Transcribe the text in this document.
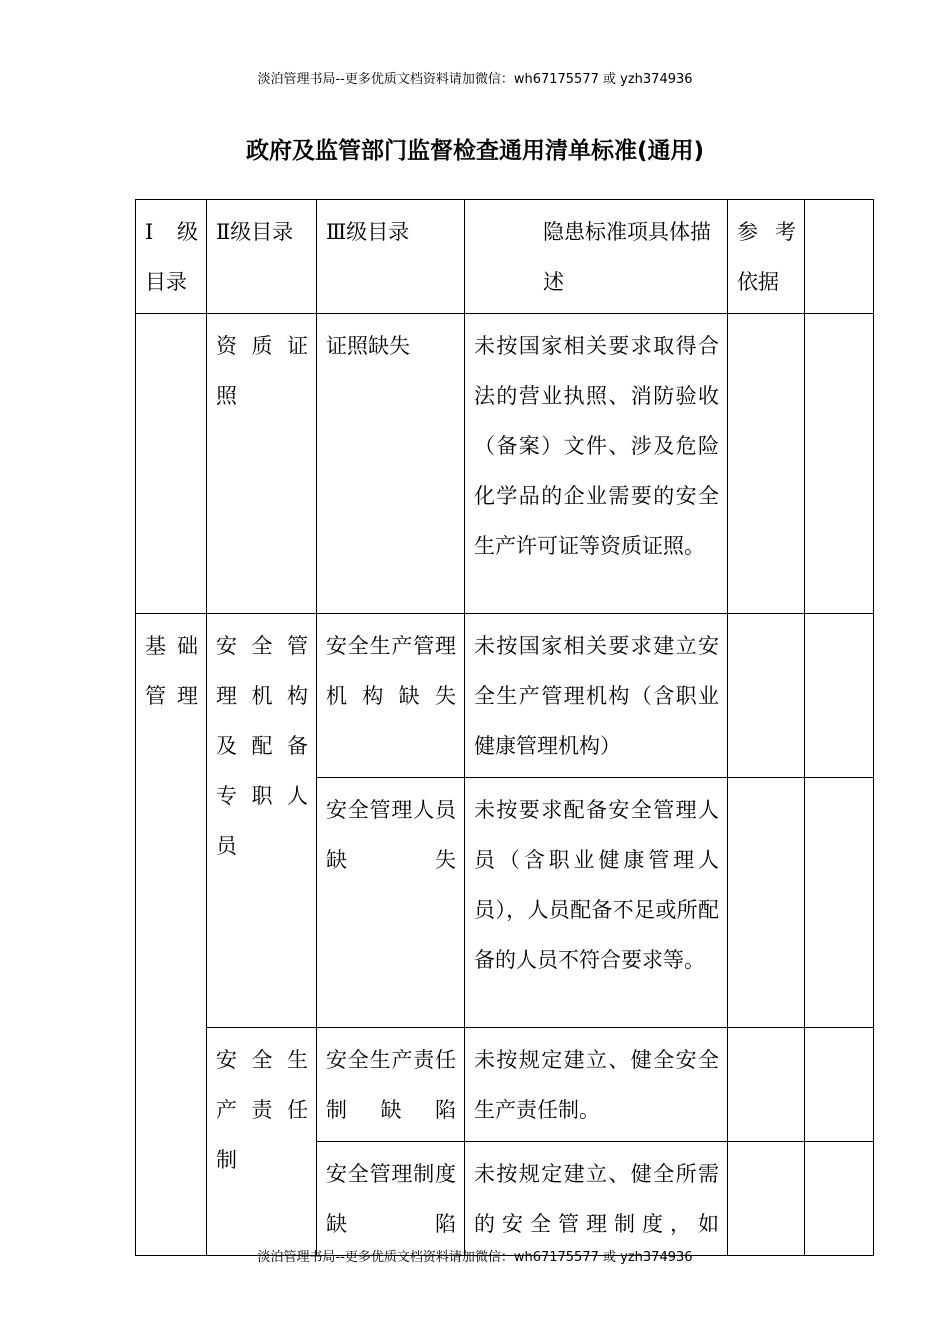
淡泊管理书局--更多优质文档资料请加微信：wh67175577 或 yzh374936
政府及监管部门监督检查通用清单标准(通用)
Ⅰ 级目录	Ⅱ级目录	Ⅲ级目录	隐患标准项具体描述	参 考依据	
	资 质 证照	证照缺失	未按国家相关要求取得合法的营业执照、消防验收（备案）文件、涉及危险化学品的企业需要的安全生产许可证等资质证照。		
基础管理	安 全 管理 机 构及 配 备专 职 人员	安全生产管理机构缺失	未按国家相关要求建立安全生产管理机构（含职业健康管理机构）		
		安全管理人员缺失	未按要求配备安全管理人员（含职业健康管理人员），人员配备不足或所配备的人员不符合要求等。		
	安 全 生产 责 任制	安全生产责任制缺陷	未按规定建立、健全安全生产责任制。		
		安全管理制度缺陷	未按规定建立、健全所需的安全管理制度，如		
淡泊管理书局--更多优质文档资料请加微信：wh67175577 或 yzh374936
